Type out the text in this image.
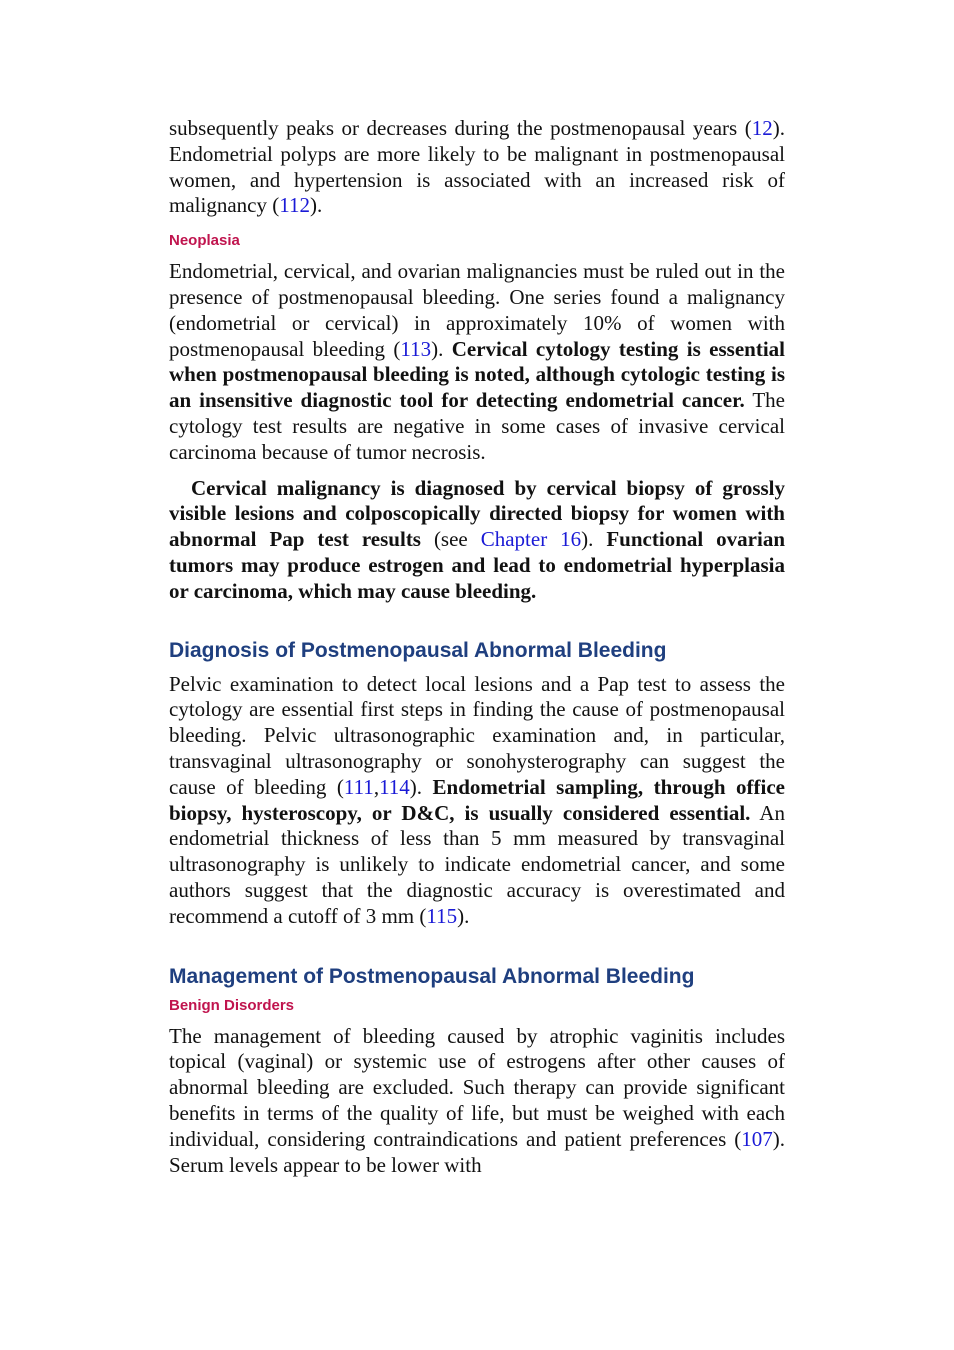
subsequently peaks or decreases during the postmenopausal years (12). Endometrial polyps are more likely to be malignant in postmenopausal women, and hypertension is associated with an increased risk of malignancy (112).

Neoplasia

Endometrial, cervical, and ovarian malignancies must be ruled out in the presence of postmenopausal bleeding. One series found a malignancy (endometrial or cervical) in approximately 10% of women with postmenopausal bleeding (113). Cervical cytology testing is essential when postmenopausal bleeding is noted, although cytologic testing is an insensitive diagnostic tool for detecting endometrial cancer. The cytology test results are negative in some cases of invasive cervical carcinoma because of tumor necrosis.

Cervical malignancy is diagnosed by cervical biopsy of grossly visible lesions and colposcopically directed biopsy for women with abnormal Pap test results (see Chapter 16). Functional ovarian tumors may produce estrogen and lead to endometrial hyperplasia or carcinoma, which may cause bleeding.

Diagnosis of Postmenopausal Abnormal Bleeding

Pelvic examination to detect local lesions and a Pap test to assess the cytology are essential first steps in finding the cause of postmenopausal bleeding. Pelvic ultrasonographic examination and, in particular, transvaginal ultrasonography or sonohysterography can suggest the cause of bleeding (111,114). Endometrial sampling, through office biopsy, hysteroscopy, or D&C, is usually considered essential. An endometrial thickness of less than 5 mm measured by transvaginal ultrasonography is unlikely to indicate endometrial cancer, and some authors suggest that the diagnostic accuracy is overestimated and recommend a cutoff of 3 mm (115).

Management of Postmenopausal Abnormal Bleeding
Benign Disorders

The management of bleeding caused by atrophic vaginitis includes topical (vaginal) or systemic use of estrogens after other causes of abnormal bleeding are excluded. Such therapy can provide significant benefits in terms of the quality of life, but must be weighed with each individual, considering contraindications and patient preferences (107). Serum levels appear to be lower with
